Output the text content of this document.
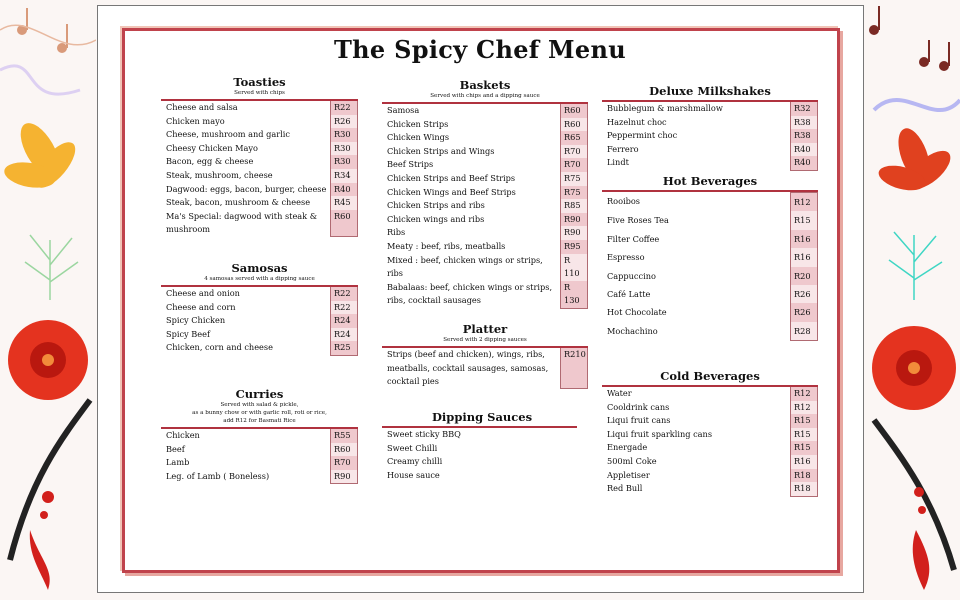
The Spicy Chef Menu
Toasties
Served with chips
Cheese and salsa	R22
Chicken mayo	R26
Cheese, mushroom and garlic	R30
Cheesy Chicken Mayo	R30
Bacon, egg & cheese	R30
Steak, mushroom, cheese	R34
Dagwood: eggs, bacon, burger, cheese R40
Steak, bacon, mushroom & cheese	R45
Ma's Special: dagwood with steak & mushroom
R60
Samosas
4 samosas served with a dipping sauce
Cheese and onion	R22
Cheese and corn	R22
Spicy Chicken	R24
Spicy Beef	R24
Chicken, corn and cheese	R25
Curries
Served with salad & pickle,
as a bunny chow or with garlic roll, roti or rice,
add R12 for Basmati Rice
Chicken	R55
Beef	R60
Lamb	R70
Leg. of Lamb ( Boneless)	R90
Baskets
Served with chips and a dipping sauce
Samosa	R60
Chicken Strips	R60
Chicken Wings	R65
Chicken Strips and Wings	R70
Beef Strips	R70
Chicken Strips and Beef Strips	R75
Chicken Wings and Beef Strips	R75
Chicken Strips and ribs	R85
Chicken wings and ribs	R90
Ribs	R90
Meaty : beef, ribs, meatballs	R95
Mixed : beef, chicken wings or strips, ribs
R 110
Babalaas: beef, chicken wings or strips, ribs, cocktail sausages
R 130
Platter
Served with 2 dipping sauces
Strips (beef and chicken), wings, ribs, meatballs, cocktail sausages, samosas, cocktail pies
R210
Dipping Sauces
Sweet sticky BBQ
Sweet Chilli
Creamy chilli
House sauce
Deluxe Milkshakes
Bubblegum & marshmallow	R32
Hazelnut choc	R38
Peppermint choc	R38
Ferrero	R40
Lindt	R40
Hot Beverages
Rooibos	R12
Five Roses Tea	R15
Filter Coffee	R16
Espresso	R16
Cappuccino	R20
Café Latte	R26
Hot Chocolate	R26
Mochachino	R28
Cold Beverages
Water	R12
Cooldrink cans	R12
Liqui fruit cans	R15
Liqui fruit sparkling cans	R15
Energade	R15
500ml Coke	R16
Appletiser	R18
Red Bull	R18
